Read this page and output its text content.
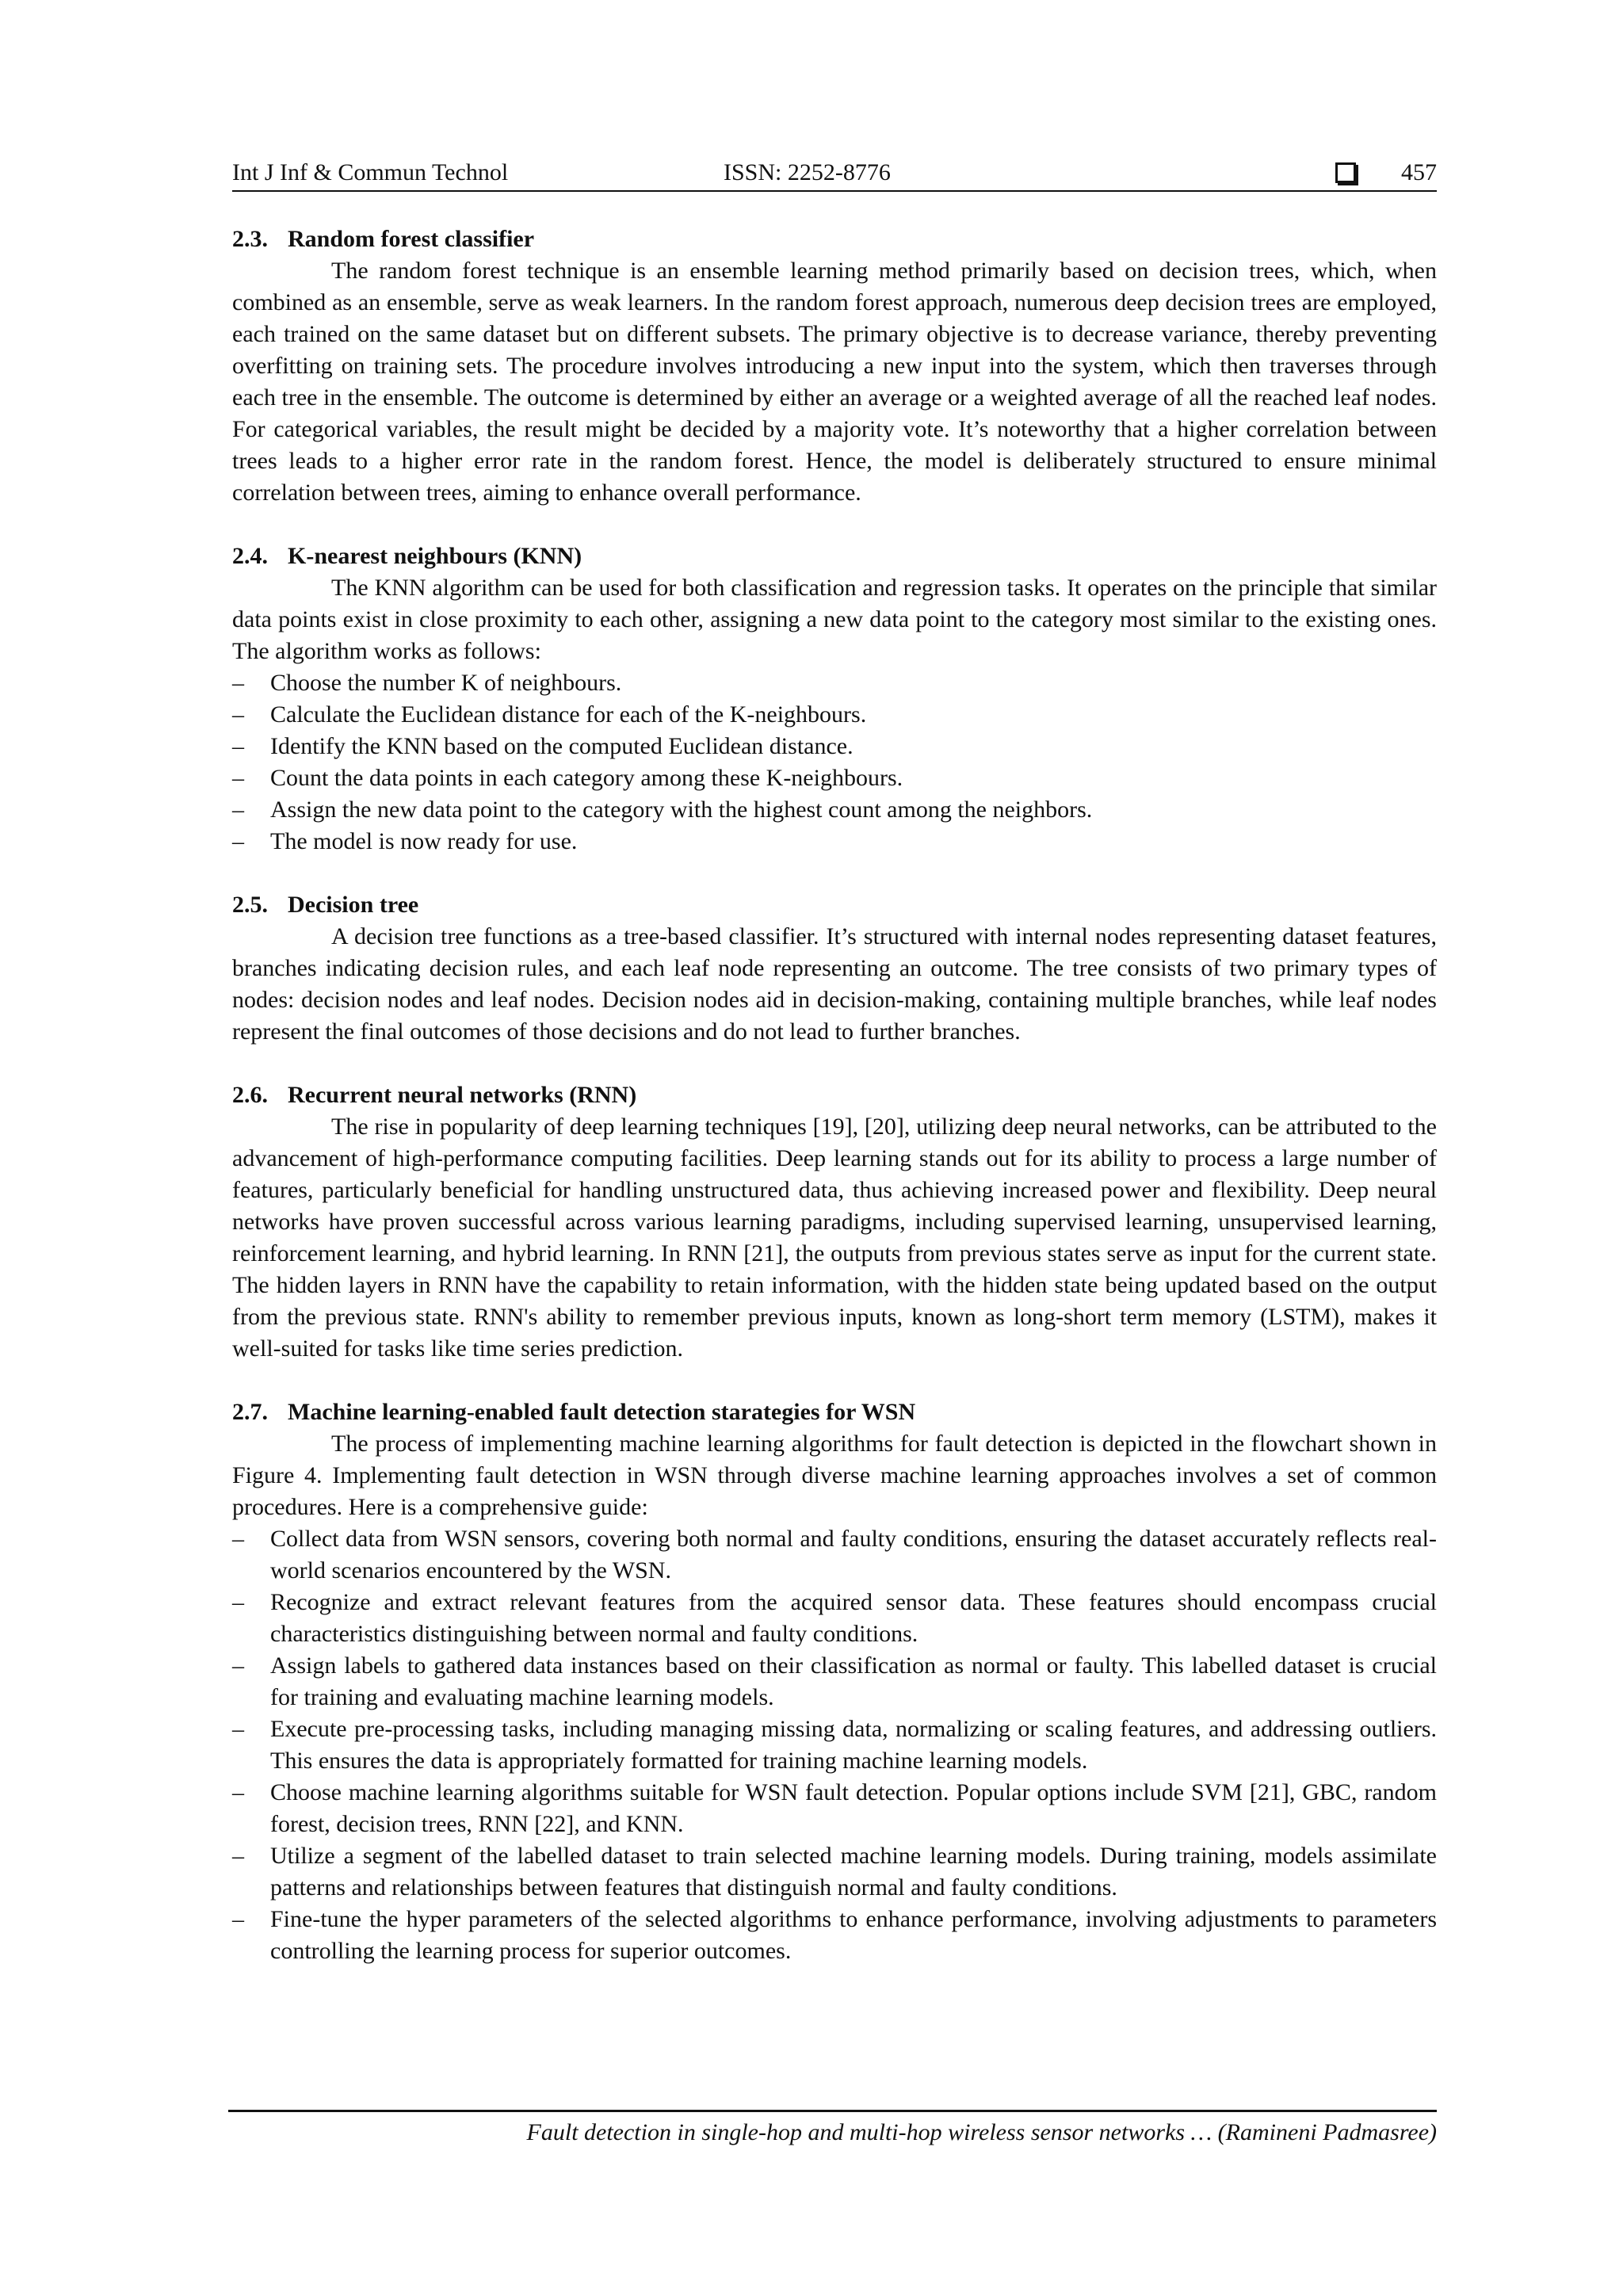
Int J Inf & Commun Technol	ISSN: 2252-8776	457
2.3. Random forest classifier
The random forest technique is an ensemble learning method primarily based on decision trees, which, when combined as an ensemble, serve as weak learners. In the random forest approach, numerous deep decision trees are employed, each trained on the same dataset but on different subsets. The primary objective is to decrease variance, thereby preventing overfitting on training sets. The procedure involves introducing a new input into the system, which then traverses through each tree in the ensemble. The outcome is determined by either an average or a weighted average of all the reached leaf nodes. For categorical variables, the result might be decided by a majority vote. It’s noteworthy that a higher correlation between trees leads to a higher error rate in the random forest. Hence, the model is deliberately structured to ensure minimal correlation between trees, aiming to enhance overall performance.
2.4. K-nearest neighbours (KNN)
The KNN algorithm can be used for both classification and regression tasks. It operates on the principle that similar data points exist in close proximity to each other, assigning a new data point to the category most similar to the existing ones. The algorithm works as follows:
– Choose the number K of neighbours.
– Calculate the Euclidean distance for each of the K-neighbours.
– Identify the KNN based on the computed Euclidean distance.
– Count the data points in each category among these K-neighbours.
– Assign the new data point to the category with the highest count among the neighbors.
– The model is now ready for use.
2.5. Decision tree
A decision tree functions as a tree-based classifier. It’s structured with internal nodes representing dataset features, branches indicating decision rules, and each leaf node representing an outcome. The tree consists of two primary types of nodes: decision nodes and leaf nodes. Decision nodes aid in decision-making, containing multiple branches, while leaf nodes represent the final outcomes of those decisions and do not lead to further branches.
2.6. Recurrent neural networks (RNN)
The rise in popularity of deep learning techniques [19], [20], utilizing deep neural networks, can be attributed to the advancement of high-performance computing facilities. Deep learning stands out for its ability to process a large number of features, particularly beneficial for handling unstructured data, thus achieving increased power and flexibility. Deep neural networks have proven successful across various learning paradigms, including supervised learning, unsupervised learning, reinforcement learning, and hybrid learning. In RNN [21], the outputs from previous states serve as input for the current state. The hidden layers in RNN have the capability to retain information, with the hidden state being updated based on the output from the previous state. RNN's ability to remember previous inputs, known as long-short term memory (LSTM), makes it well-suited for tasks like time series prediction.
2.7. Machine learning-enabled fault detection starategies for WSN
The process of implementing machine learning algorithms for fault detection is depicted in the flowchart shown in Figure 4. Implementing fault detection in WSN through diverse machine learning approaches involves a set of common procedures. Here is a comprehensive guide:
– Collect data from WSN sensors, covering both normal and faulty conditions, ensuring the dataset accurately reflects real-world scenarios encountered by the WSN.
– Recognize and extract relevant features from the acquired sensor data. These features should encompass crucial characteristics distinguishing between normal and faulty conditions.
– Assign labels to gathered data instances based on their classification as normal or faulty. This labelled dataset is crucial for training and evaluating machine learning models.
– Execute pre-processing tasks, including managing missing data, normalizing or scaling features, and addressing outliers. This ensures the data is appropriately formatted for training machine learning models.
– Choose machine learning algorithms suitable for WSN fault detection. Popular options include SVM [21], GBC, random forest, decision trees, RNN [22], and KNN.
– Utilize a segment of the labelled dataset to train selected machine learning models. During training, models assimilate patterns and relationships between features that distinguish normal and faulty conditions.
– Fine-tune the hyper parameters of the selected algorithms to enhance performance, involving adjustments to parameters controlling the learning process for superior outcomes.
Fault detection in single-hop and multi-hop wireless sensor networks … (Ramineni Padmasree)
